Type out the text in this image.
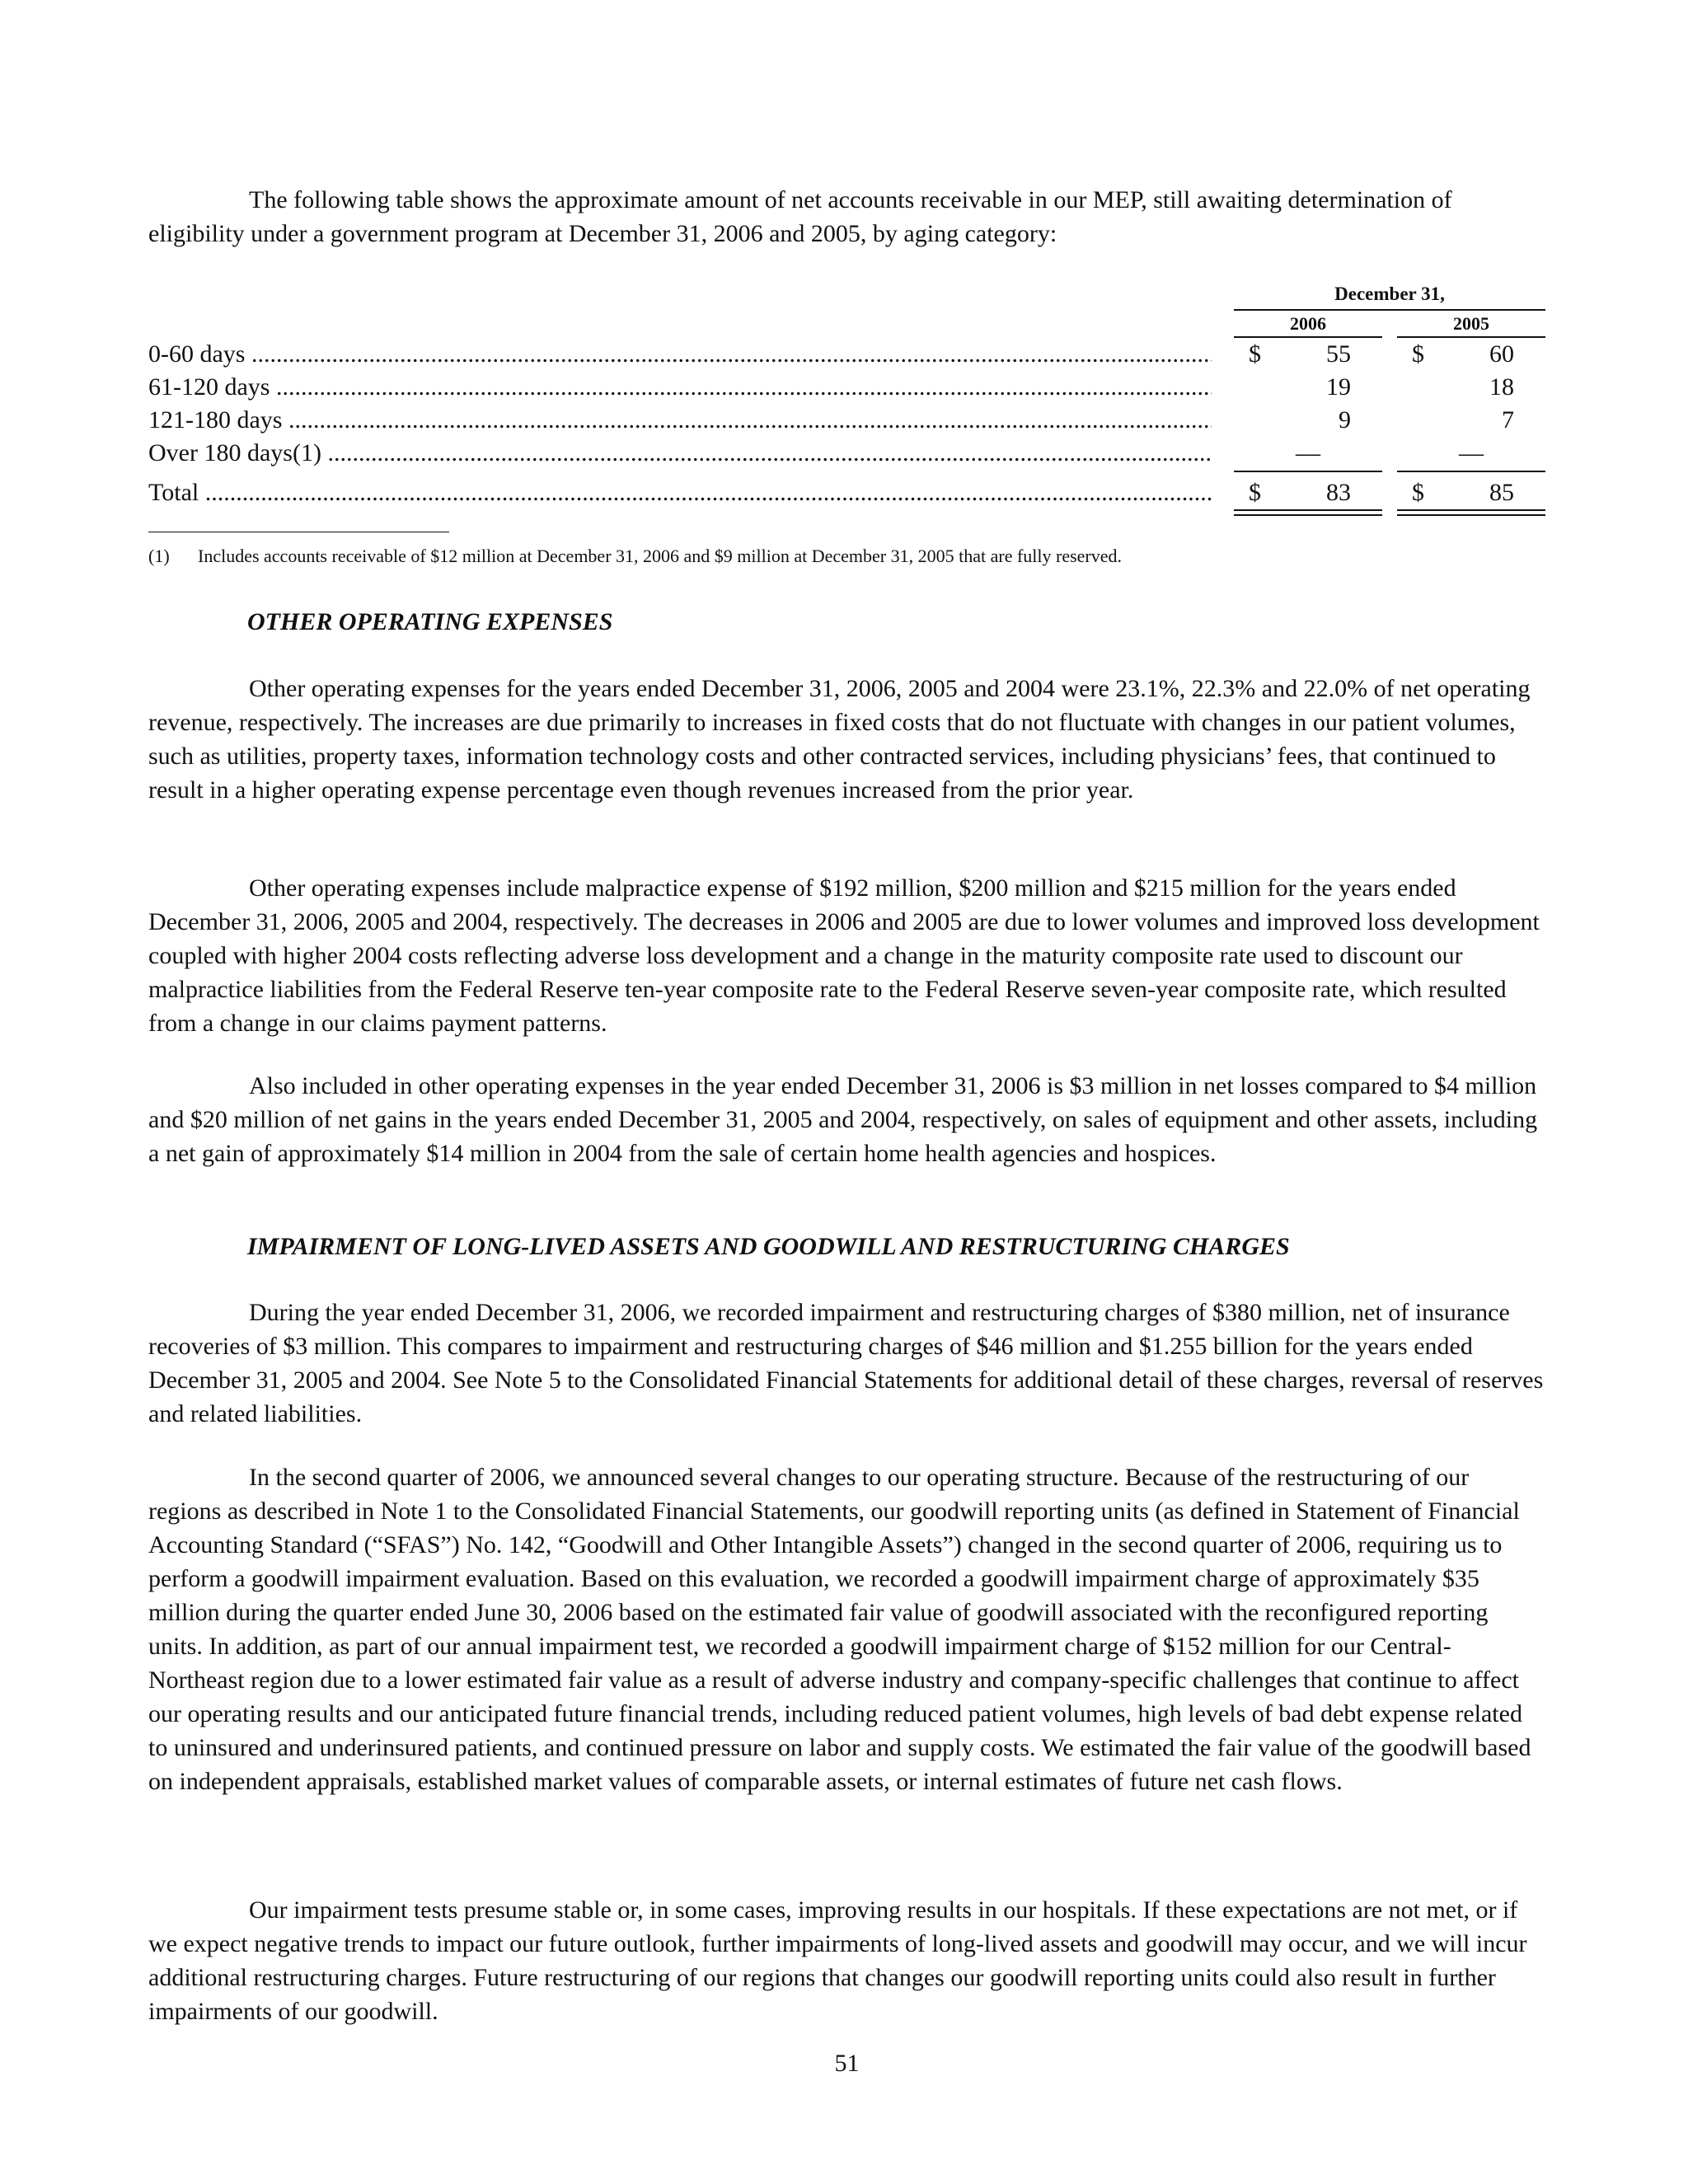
The following table shows the approximate amount of net accounts receivable in our MEP, still awaiting determination of eligibility under a government program at December 31, 2006 and 2005, by aging category:

December 31,
2006	2005
0-60 days .....	$	55 $	60
61-120 days .....	19	18
121-180 days .....	9	7
Over 180 days(1) .....	—	—
Total .....	$	83 $	85
(1) Includes accounts receivable of $12 million at December 31, 2006 and $9 million at December 31, 2005 that are fully reserved.
OTHER OPERATING EXPENSES

Other operating expenses for the years ended December 31, 2006, 2005 and 2004 were 23.1%, 22.3% and 22.0% of net operating revenue, respectively. The increases are due primarily to increases in fixed costs that do not fluctuate with changes in our patient volumes, such as utilities, property taxes, information technology costs and other contracted services, including physicians’ fees, that continued to result in a higher operating expense percentage even though revenues increased from the prior year.

Other operating expenses include malpractice expense of $192 million, $200 million and $215 million for the years ended December 31, 2006, 2005 and 2004, respectively. The decreases in 2006 and 2005 are due to lower volumes and improved loss development coupled with higher 2004 costs reflecting adverse loss development and a change in the maturity composite rate used to discount our malpractice liabilities from the Federal Reserve ten-year composite rate to the Federal Reserve seven-year composite rate, which resulted from a change in our claims payment patterns.

Also included in other operating expenses in the year ended December 31, 2006 is $3 million in net losses compared to $4 million and $20 million of net gains in the years ended December 31, 2005 and 2004, respectively, on sales of equipment and other assets, including a net gain of approximately $14 million in 2004 from the sale of certain home health agencies and hospices.

IMPAIRMENT OF LONG-LIVED ASSETS AND GOODWILL AND RESTRUCTURING CHARGES

During the year ended December 31, 2006, we recorded impairment and restructuring charges of $380 million, net of insurance recoveries of $3 million. This compares to impairment and restructuring charges of $46 million and $1.255 billion for the years ended December 31, 2005 and 2004. See Note 5 to the Consolidated Financial Statements for additional detail of these charges, reversal of reserves and related liabilities.

In the second quarter of 2006, we announced several changes to our operating structure. Because of the restructuring of our regions as described in Note 1 to the Consolidated Financial Statements, our goodwill reporting units (as defined in Statement of Financial Accounting Standard (“SFAS”) No. 142, “Goodwill and Other Intangible Assets”) changed in the second quarter of 2006, requiring us to perform a goodwill impairment evaluation. Based on this evaluation, we recorded a goodwill impairment charge of approximately $35 million during the quarter ended June 30, 2006 based on the estimated fair value of goodwill associated with the reconfigured reporting units. In addition, as part of our annual impairment test, we recorded a goodwill impairment charge of $152 million for our Central-Northeast region due to a lower estimated fair value as a result of adverse industry and company-specific challenges that continue to affect our operating results and our anticipated future financial trends, including reduced patient volumes, high levels of bad debt expense related to uninsured and underinsured patients, and continued pressure on labor and supply costs. We estimated the fair value of the goodwill based on independent appraisals, established market values of comparable assets, or internal estimates of future net cash flows.

Our impairment tests presume stable or, in some cases, improving results in our hospitals. If these expectations are not met, or if we expect negative trends to impact our future outlook, further impairments of long-lived assets and goodwill may occur, and we will incur additional restructuring charges. Future restructuring of our regions that changes our goodwill reporting units could also result in further impairments of our goodwill.

51
